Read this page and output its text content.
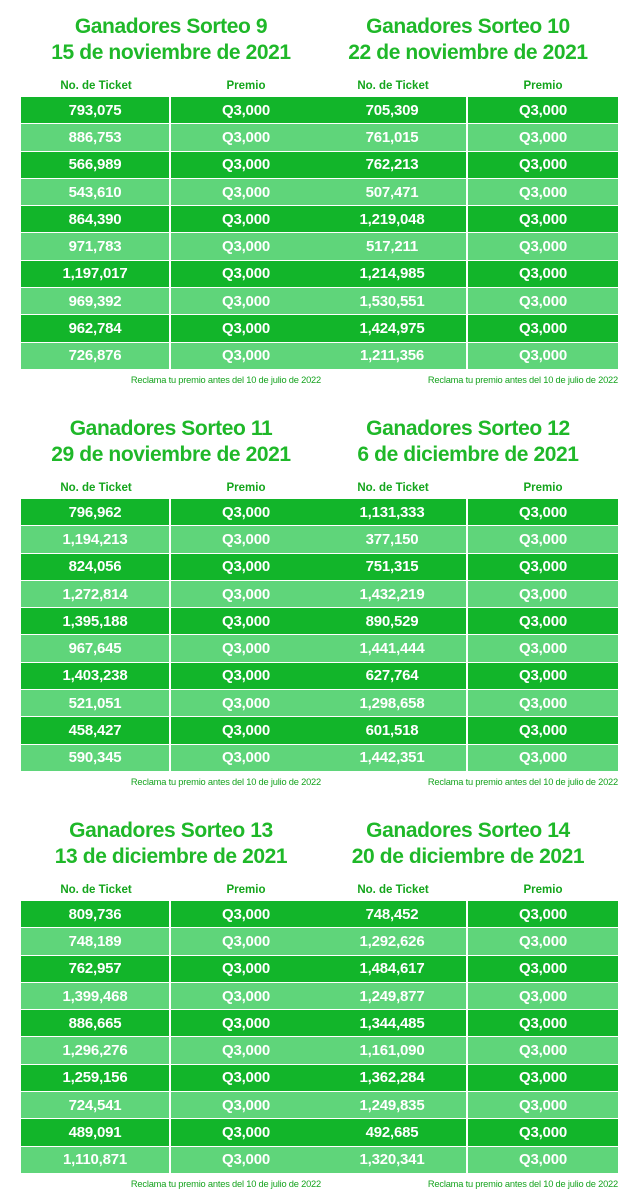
Ganadores Sorteo 9
15 de noviembre de 2021
No. de Ticket	Premio
793,075	Q3,000
886,753	Q3,000
566,989	Q3,000
543,610	Q3,000
864,390	Q3,000
971,783	Q3,000
1,197,017	Q3,000
969,392	Q3,000
962,784	Q3,000
726,876	Q3,000
Reclama tu premio antes del 10 de julio de 2022
Ganadores Sorteo 10
22 de noviembre de 2021
No. de Ticket	Premio
705,309	Q3,000
761,015	Q3,000
762,213	Q3,000
507,471	Q3,000
1,219,048	Q3,000
517,211	Q3,000
1,214,985	Q3,000
1,530,551	Q3,000
1,424,975	Q3,000
1,211,356	Q3,000
Reclama tu premio antes del 10 de julio de 2022
Ganadores Sorteo 11
29 de noviembre de 2021
No. de Ticket	Premio
796,962	Q3,000
1,194,213	Q3,000
824,056	Q3,000
1,272,814	Q3,000
1,395,188	Q3,000
967,645	Q3,000
1,403,238	Q3,000
521,051	Q3,000
458,427	Q3,000
590,345	Q3,000
Reclama tu premio antes del 10 de julio de 2022
Ganadores Sorteo 12
6 de diciembre de 2021
No. de Ticket	Premio
1,131,333	Q3,000
377,150	Q3,000
751,315	Q3,000
1,432,219	Q3,000
890,529	Q3,000
1,441,444	Q3,000
627,764	Q3,000
1,298,658	Q3,000
601,518	Q3,000
1,442,351	Q3,000
Reclama tu premio antes del 10 de julio de 2022
Ganadores Sorteo 13
13 de diciembre de 2021
No. de Ticket	Premio
809,736	Q3,000
748,189	Q3,000
762,957	Q3,000
1,399,468	Q3,000
886,665	Q3,000
1,296,276	Q3,000
1,259,156	Q3,000
724,541	Q3,000
489,091	Q3,000
1,110,871	Q3,000
Reclama tu premio antes del 10 de julio de 2022
Ganadores Sorteo 14
20 de diciembre de 2021
No. de Ticket	Premio
748,452	Q3,000
1,292,626	Q3,000
1,484,617	Q3,000
1,249,877	Q3,000
1,344,485	Q3,000
1,161,090	Q3,000
1,362,284	Q3,000
1,249,835	Q3,000
492,685	Q3,000
1,320,341	Q3,000
Reclama tu premio antes del 10 de julio de 2022
